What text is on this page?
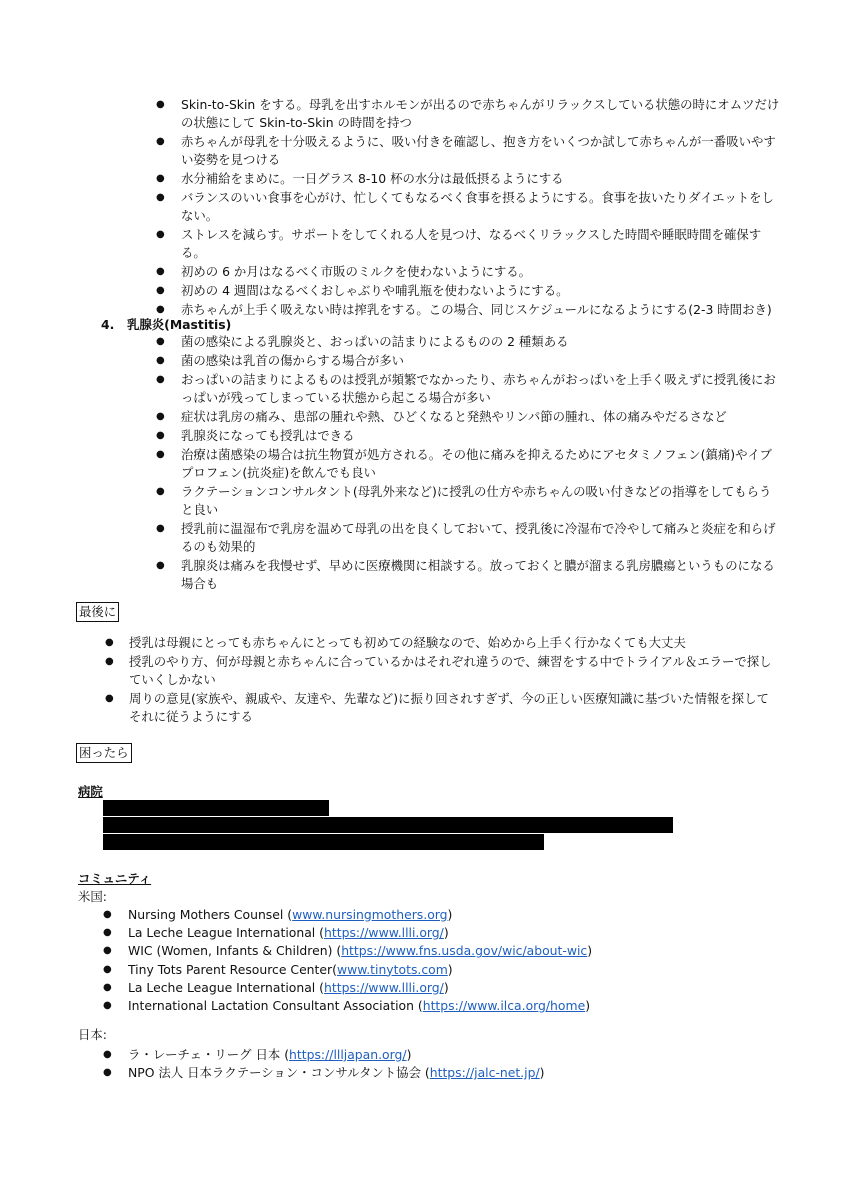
● Skin-to-Skin をする。母乳を出すホルモンが出るので赤ちゃんがリラックスしている状態の時にオムツだけの状態にして Skin-to-Skin の時間を持つ
● 赤ちゃんが母乳を十分吸えるように、吸い付きを確認し、抱き方をいくつか試して赤ちゃんが一番吸いやすい姿勢を見つける
● 水分補給をまめに。一日グラス 8-10 杯の水分は最低摂るようにする
● バランスのいい食事を心がけ、忙しくてもなるべく食事を摂るようにする。食事を抜いたりダイエットをしない。
● ストレスを減らす。サポートをしてくれる人を見つけ、なるべくリラックスした時間や睡眠時間を確保する。
● 初めの 6 か月はなるべく市販のミルクを使わないようにする。
● 初めの 4 週間はなるべくおしゃぶりや哺乳瓶を使わないようにする。
● 赤ちゃんが上手く吸えない時は搾乳をする。この場合、同じスケジュールになるようにする(2-3 時間おき)
4. 乳腺炎(Mastitis)
● 菌の感染による乳腺炎と、おっぱいの詰まりによるものの 2 種類ある
● 菌の感染は乳首の傷からする場合が多い
● おっぱいの詰まりによるものは授乳が頻繁でなかったり、赤ちゃんがおっぱいを上手く吸えずに授乳後におっぱいが残ってしまっている状態から起こる場合が多い
● 症状は乳房の痛み、患部の腫れや熱、ひどくなると発熱やリンパ節の腫れ、体の痛みやだるさなど
● 乳腺炎になっても授乳はできる
● 治療は菌感染の場合は抗生物質が処方される。その他に痛みを抑えるためにアセタミノフェン(鎮痛)やイブプロフェン(抗炎症)を飲んでも良い
● ラクテーションコンサルタント(母乳外来など)に授乳の仕方や赤ちゃんの吸い付きなどの指導をしてもらうと良い
● 授乳前に温湿布で乳房を温めて母乳の出を良くしておいて、授乳後に冷湿布で冷やして痛みと炎症を和らげるのも効果的
● 乳腺炎は痛みを我慢せず、早めに医療機関に相談する。放っておくと膿が溜まる乳房膿瘍というものになる場合も
最後に
● 授乳は母親にとっても赤ちゃんにとっても初めての経験なので、始めから上手く行かなくても大丈夫
● 授乳のやり方、何が母親と赤ちゃんに合っているかはそれぞれ違うので、練習をする中でトライアル＆エラーで探していくしかない
● 周りの意見(家族や、親戚や、友達や、先輩など)に振り回されすぎず、今の正しい医療知識に基づいた情報を探してそれに従うようにする
困ったら
病院
コミュニティ
米国:
● Nursing Mothers Counsel (www.nursingmothers.org)
● La Leche League International (https://www.llli.org/)
● WIC (Women, Infants & Children) (https://www.fns.usda.gov/wic/about-wic)
● Tiny Tots Parent Resource Center(www.tinytots.com)
● La Leche League International (https://www.llli.org/)
● International Lactation Consultant Association (https://www.ilca.org/home)
日本:
● ラ・レーチェ・リーグ 日本 (https://llljapan.org/)
● NPO 法人 日本ラクテーション・コンサルタント協会 (https://jalc-net.jp/)
